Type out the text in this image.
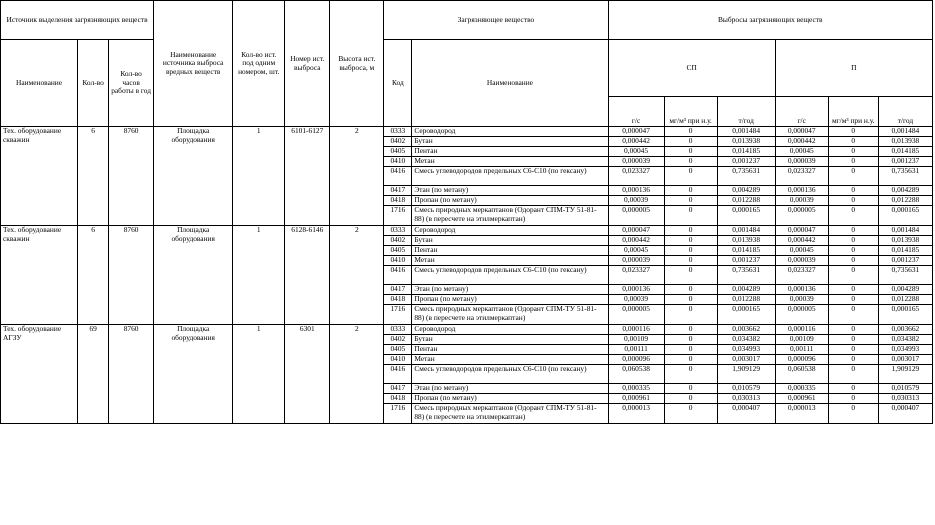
Источник выделения загрязняющих веществ			Наименование источника выброса вредных веществ	Кол-во ист. под одним номером, шт.	Номер ист. выброса	Высота ист. выброса, м	Загрязняющее вещество		Выбросы загрязняющих веществ					
Наименование	Кол-во	Кол-во часов работы в год					Код	Наименование	СП			П		
									г/с	мг/м³ при н.у.	т/год	г/с	мг/м³ при н.у.	т/год
Тех. оборудование скважин	6	8760	Площадка оборудования	1	6101-6127	2	0333	Сероводород	0,000047	0	0,001484	0,000047	0	0,001484
							0402	Бутан	0,000442	0	0,013938	0,000442	0	0,013938
							0405	Пентан	0,00045	0	0,014185	0,00045	0	0,014185
							0410	Метан	0,000039	0	0,001237	0,000039	0	0,001237
							0416	Смесь углеводородов предельных С6-С10 (по гексану)	0,023327	0	0,735631	0,023327	0	0,735631
							0417	Этан (по метану)	0,000136	0	0,004289	0,000136	0	0,004289
							0418	Пропан (по метану)	0,00039	0	0,012288	0,00039	0	0,012288
							1716	Смесь природных меркаптанов (Одорант СПМ-ТУ 51-81-88) (в пересчете на этилмеркаптан)	0,000005	0	0,000165	0,000005	0	0,000165
Тех. оборудование скважин	6	8760	Площадка оборудования	1	6128-6146	2	0333	Сероводород	0,000047	0	0,001484	0,000047	0	0,001484
							0402	Бутан	0,000442	0	0,013938	0,000442	0	0,013938
							0405	Пентан	0,00045	0	0,014185	0,00045	0	0,014185
							0410	Метан	0,000039	0	0,001237	0,000039	0	0,001237
							0416	Смесь углеводородов предельных С6-С10 (по гексану)	0,023327	0	0,735631	0,023327	0	0,735631
							0417	Этан (по метану)	0,000136	0	0,004289	0,000136	0	0,004289
							0418	Пропан (по метану)	0,00039	0	0,012288	0,00039	0	0,012288
							1716	Смесь природных меркаптанов (Одорант СПМ-ТУ 51-81-88) (в пересчете на этилмеркаптан)	0,000005	0	0,000165	0,000005	0	0,000165
Тех. оборудование АГЗУ	69	8760	Площадка оборудования	1	6301	2	0333	Сероводород	0,000116	0	0,003662	0,000116	0	0,003662
							0402	Бутан	0,00109	0	0,034382	0,00109	0	0,034382
							0405	Пентан	0,00111	0	0,034993	0,00111	0	0,034993
							0410	Метан	0,000096	0	0,003017	0,000096	0	0,003017
							0416	Смесь углеводородов предельных С6-С10 (по гексану)	0,060538	0	1,909129	0,060538	0	1,909129
							0417	Этан (по метану)	0,000335	0	0,010579	0,000335	0	0,010579
							0418	Пропан (по метану)	0,000961	0	0,030313	0,000961	0	0,030313
							1716	Смесь природных меркаптанов (Одорант СПМ-ТУ 51-81-88) (в пересчете на этилмеркаптан)	0,000013	0	0,000407	0,000013	0	0,000407
